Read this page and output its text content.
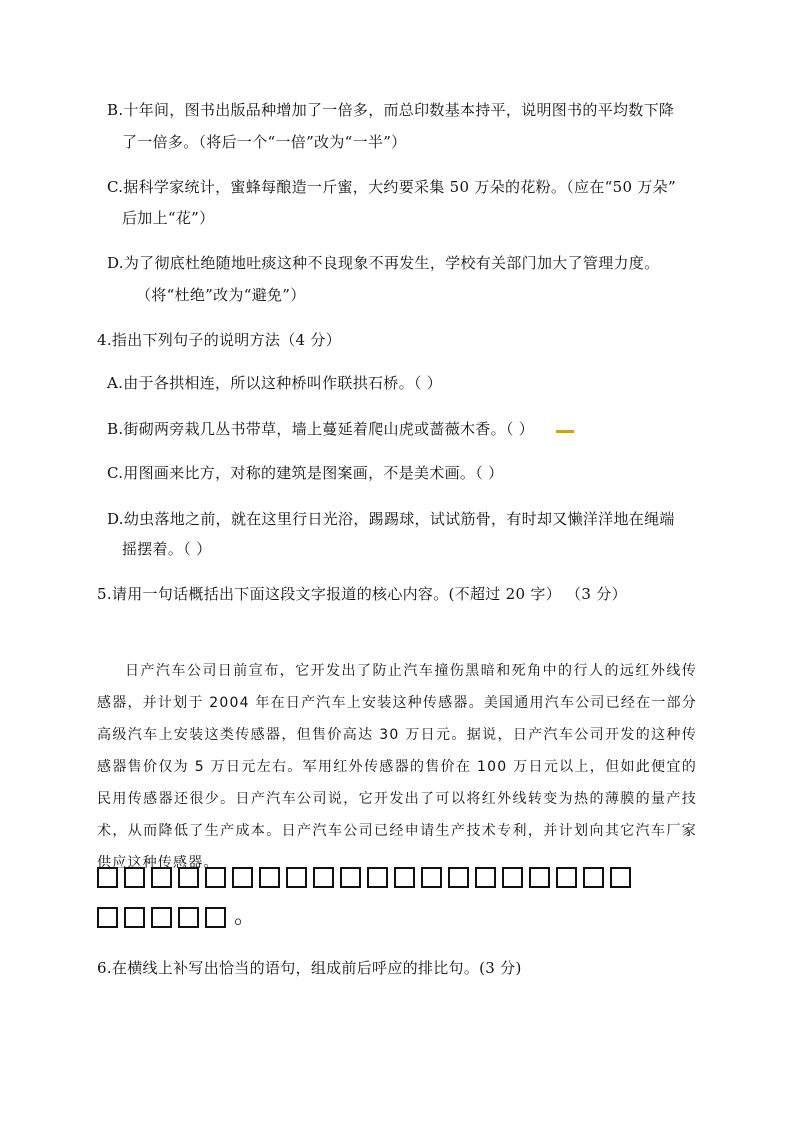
B.十年间，图书出版品种增加了一倍多，而总印数基本持平，说明图书的平均数下降
了一倍多。（将后一个“一倍”改为“一半”）
C.据科学家统计，蜜蜂每酿造一斤蜜，大约要采集 50 万朵的花粉。（应在“50 万朵”
后加上“花”）
D.为了彻底杜绝随地吐痰这种不良现象不再发生，学校有关部门加大了管理力度。
（将“杜绝”改为“避免”）
4.指出下列句子的说明方法（4 分）
A.由于各拱相连，所以这种桥叫作联拱石桥。（ ）
B.街砌两旁栽几丛书带草，墙上蔓延着爬山虎或蔷薇木香。（ ）
C.用图画来比方，对称的建筑是图案画，不是美术画。（ ）
D.幼虫落地之前，就在这里行日光浴，踢踢球，试试筋骨，有时却又懒洋洋地在绳端
摇摆着。（ ）
5.请用一句话概括出下面这段文字报道的核心内容。(不超过 20 字） （3 分）

日产汽车公司日前宣布，它开发出了防止汽车撞伤黑暗和死角中的行人的远红外线传感器，并计划于 2004 年在日产汽车上安装这种传感器。美国通用汽车公司已经在一部分高级汽车上安装这类传感器，但售价高达 30 万日元。据说，日产汽车公司开发的这种传感器售价仅为 5 万日元左右。军用红外传感器的售价在 100 万日元以上，但如此便宜的民用传感器还很少。日产汽车公司说，它开发出了可以将红外线转变为热的薄膜的量产技术，从而降低了生产成本。日产汽车公司已经申请生产技术专利，并计划向其它汽车厂家供应这种传感器。

。
6.在横线上补写出恰当的语句，组成前后呼应的排比句。(3 分)
